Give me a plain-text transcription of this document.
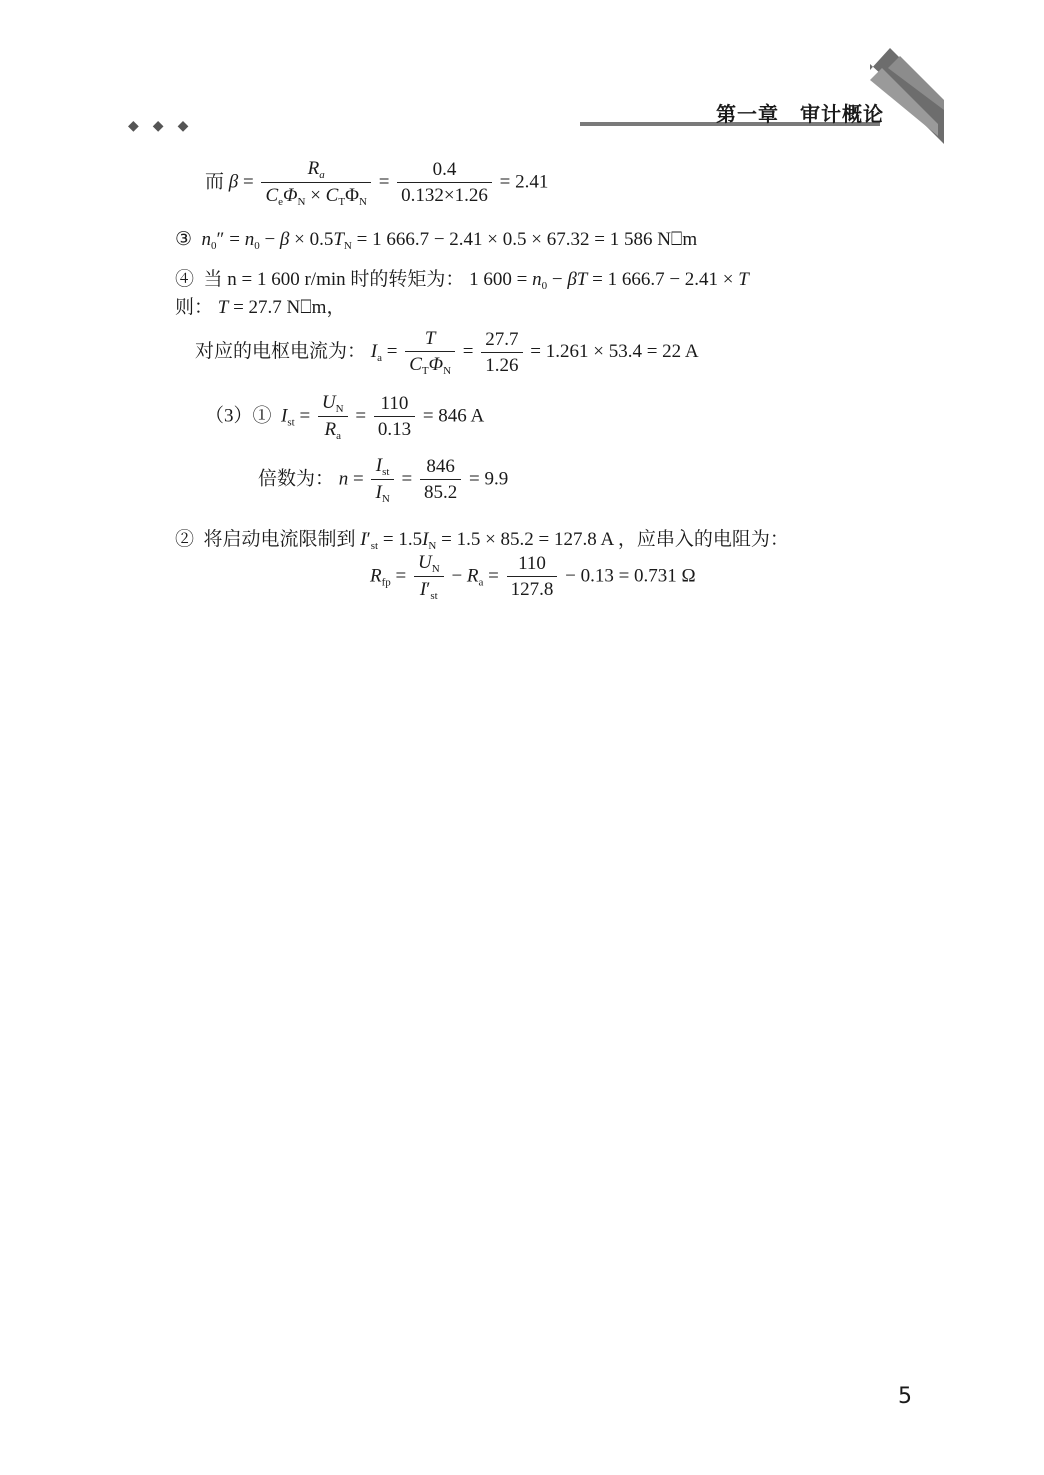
◆ ◆ ◆	第一章　审计概论
而 $\beta = \frac{R_a}{C_e\Phi_N \times C_T\Phi_N} = \frac{0.4}{0.132\times 1.26} = 2.41$
③ $n_0'' = n_0 - \beta \times 0.5T_N = 1$ 666.7 − 2.41 × 0.5 × 67.32 = 1 586 N⎕m
④ 当 n = 1 600 r/min 时的转矩为： 1 $600 = n_0 - \beta T = 1$ 666.7 − 2.41 × T
则： T = 27.7 N⎕m，
对应的电枢电流为： $I_a = \frac{T}{C_T\Phi_N} = \frac{27.7}{1.26} = 1.261 \times 53.4 = 22$ A
（3）① $I_{st} = \frac{U_N}{R_a} = \frac{110}{0.13} = 846$ A
倍数为： $n = \frac{I_{st}}{I_N} = \frac{846}{85.2} = 9.9$
② 将启动电流限制到 $I'_{st} = 1.5I_N = 1.5 \times 85.2 = 127.8$ A ，应串入的电阻为：
$R_{fp} = \frac{U_N}{I'_{st}} - R_a = \frac{110}{127.8} - 0.13 = 0.731$ Ω
5
